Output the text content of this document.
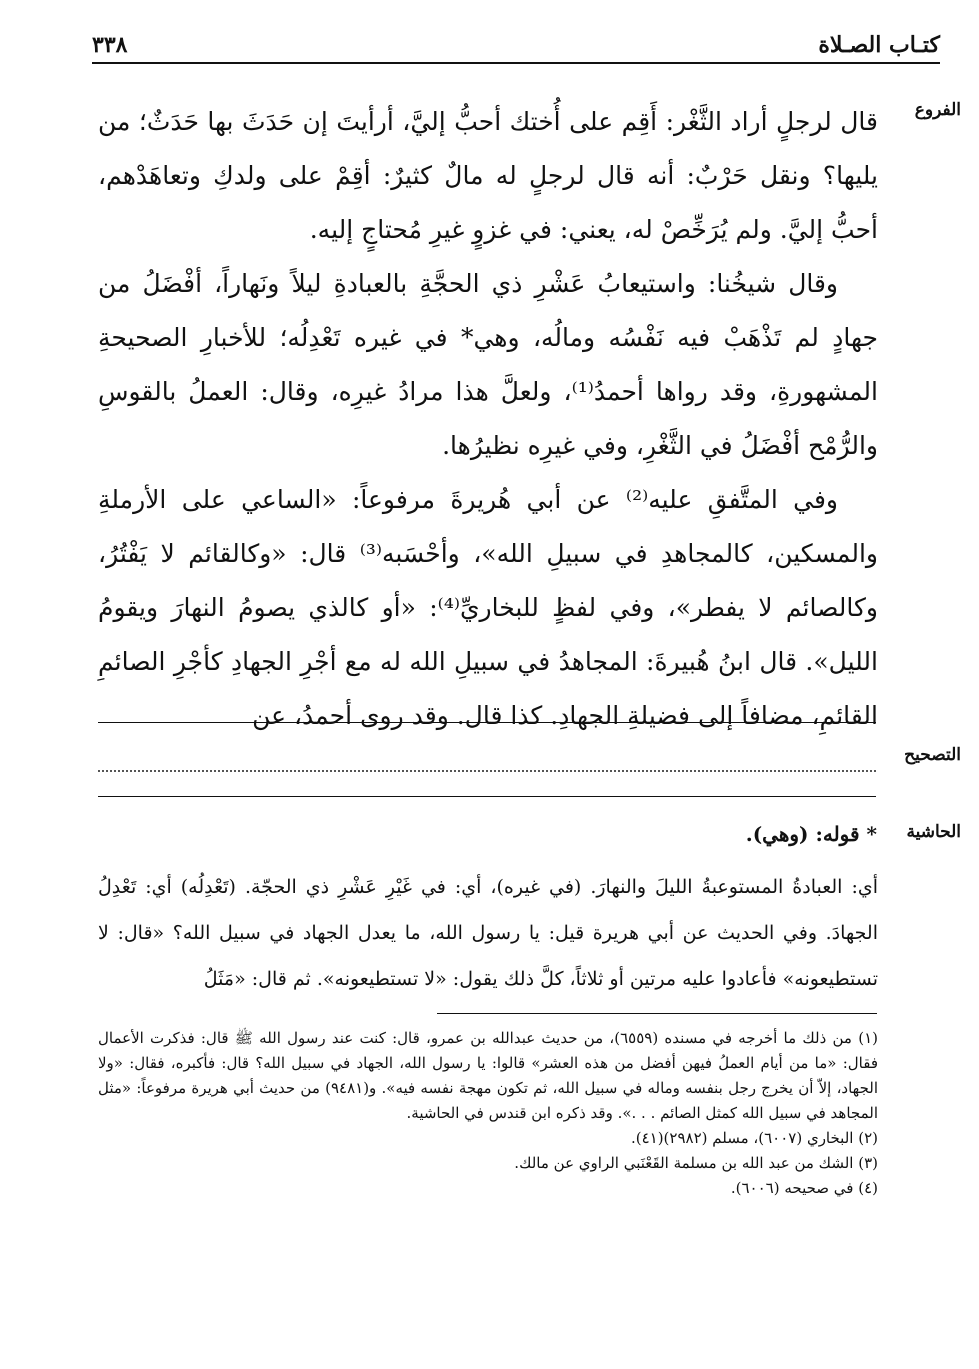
٣٣٨	كتـاب الصـلاة
الفروع
التصحيح
الحاشية

قال لرجلٍ أراد الثَّغْر: أَقِم على أُختك أحبُّ إليَّ، أرأيتَ إن حَدَثَ بها حَدَثٌ؛ من يليها؟ ونقل حَرْبٌ: أنه قال لرجلٍ له مالٌ كثيرٌ: أقِمْ على ولدكِ وتعاهَدْهم، أحبُّ إليَّ. ولم يُرَخِّصْ له، يعني: في غزوٍ غيرِ مُحتاجٍ إليه.

وقال شيخُنا: واستيعابُ عَشْرِ ذي الحجَّةِ بالعبادةِ ليلاً ونَهاراً، أفْضَلُ من جهادٍ لم تَذْهَبْ فيه نَفْسُه ومالُه، وهي* في غيره تَعْدِلُه؛ للأخبارِ الصحيحةِ المشهورةِ، وقد رواها أحمدُ⁽¹⁾، ولعلَّ هذا مرادُ غيرِه، وقال: العملُ بالقوسِ والرُّمْح أفْضَلُ في الثَّغْرِ، وفي غيرِه نظيرُها.

وفي المتَّفقِ عليه⁽²⁾ عن أبي هُريرةَ مرفوعاً: «الساعي على الأرملةِ والمسكين، كالمجاهدِ في سبيلِ الله»، وأحْسَبه⁽³⁾ قال: «وكالقائم لا يَفْتُرُ، وكالصائم لا يفطر»، وفي لفظٍ للبخاريِّ⁽⁴⁾: «أو كالذي يصومُ النهارَ ويقومُ الليل». قال ابنُ هُبيرةَ: المجاهدُ في سبيلِ الله له مع أجْرِ الجهادِ كأجْرِ الصائمِ القائمِ، مضافاً إلى فضيلةِ الجهادِ. كذا قال. وقد روى أحمدُ، عن

* قوله: (وهي).

أي: العبادةُ المستوعبةُ الليلَ والنهارَ. (في غيره)، أي: في غَيْرِ عَشْرِ ذي الحجّة. (تَعْدِلُه) أي: تَعْدِلُ الجهادَ. وفي الحديث عن أبي هريرة قيل: يا رسول الله، ما يعدل الجهاد في سبيل الله؟ «قال: لا تستطيعونه» فأعادوا عليه مرتين أو ثلاثاً، كلَّ ذلك يقول: «لا تستطيعونه». ثم قال: «مَثَلُ

(١) من ذلك ما أخرجه في مسنده (٦٥٥٩)، من حديث عبدالله بن عمرو، قال: كنت عند رسول الله ﷺ قال: فذكرت الأعمال فقال: «ما من أيام العملُ فيهن أفضل من هذه العشر» قالوا: يا رسول الله، الجهاد في سبيل الله؟ قال: فأكبره، فقال: «ولا الجهاد، إلاّ أن يخرج رجل بنفسه وماله في سبيل الله، ثم تكون مهجة نفسه فيه». و(٩٤٨١) من حديث أبي هريرة مرفوعاً: «مثل المجاهد في سبيل الله كمثل الصائم . . .». وقد ذكره ابن قندس في الحاشية.

(٢) البخاري (٦٠٠٧)، مسلم (٢٩٨٢)(٤١).

(٣) الشك من عبد الله بن مسلمة القَعْنَبي الراوي عن مالك.

(٤) في صحيحه (٦٠٠٦).
